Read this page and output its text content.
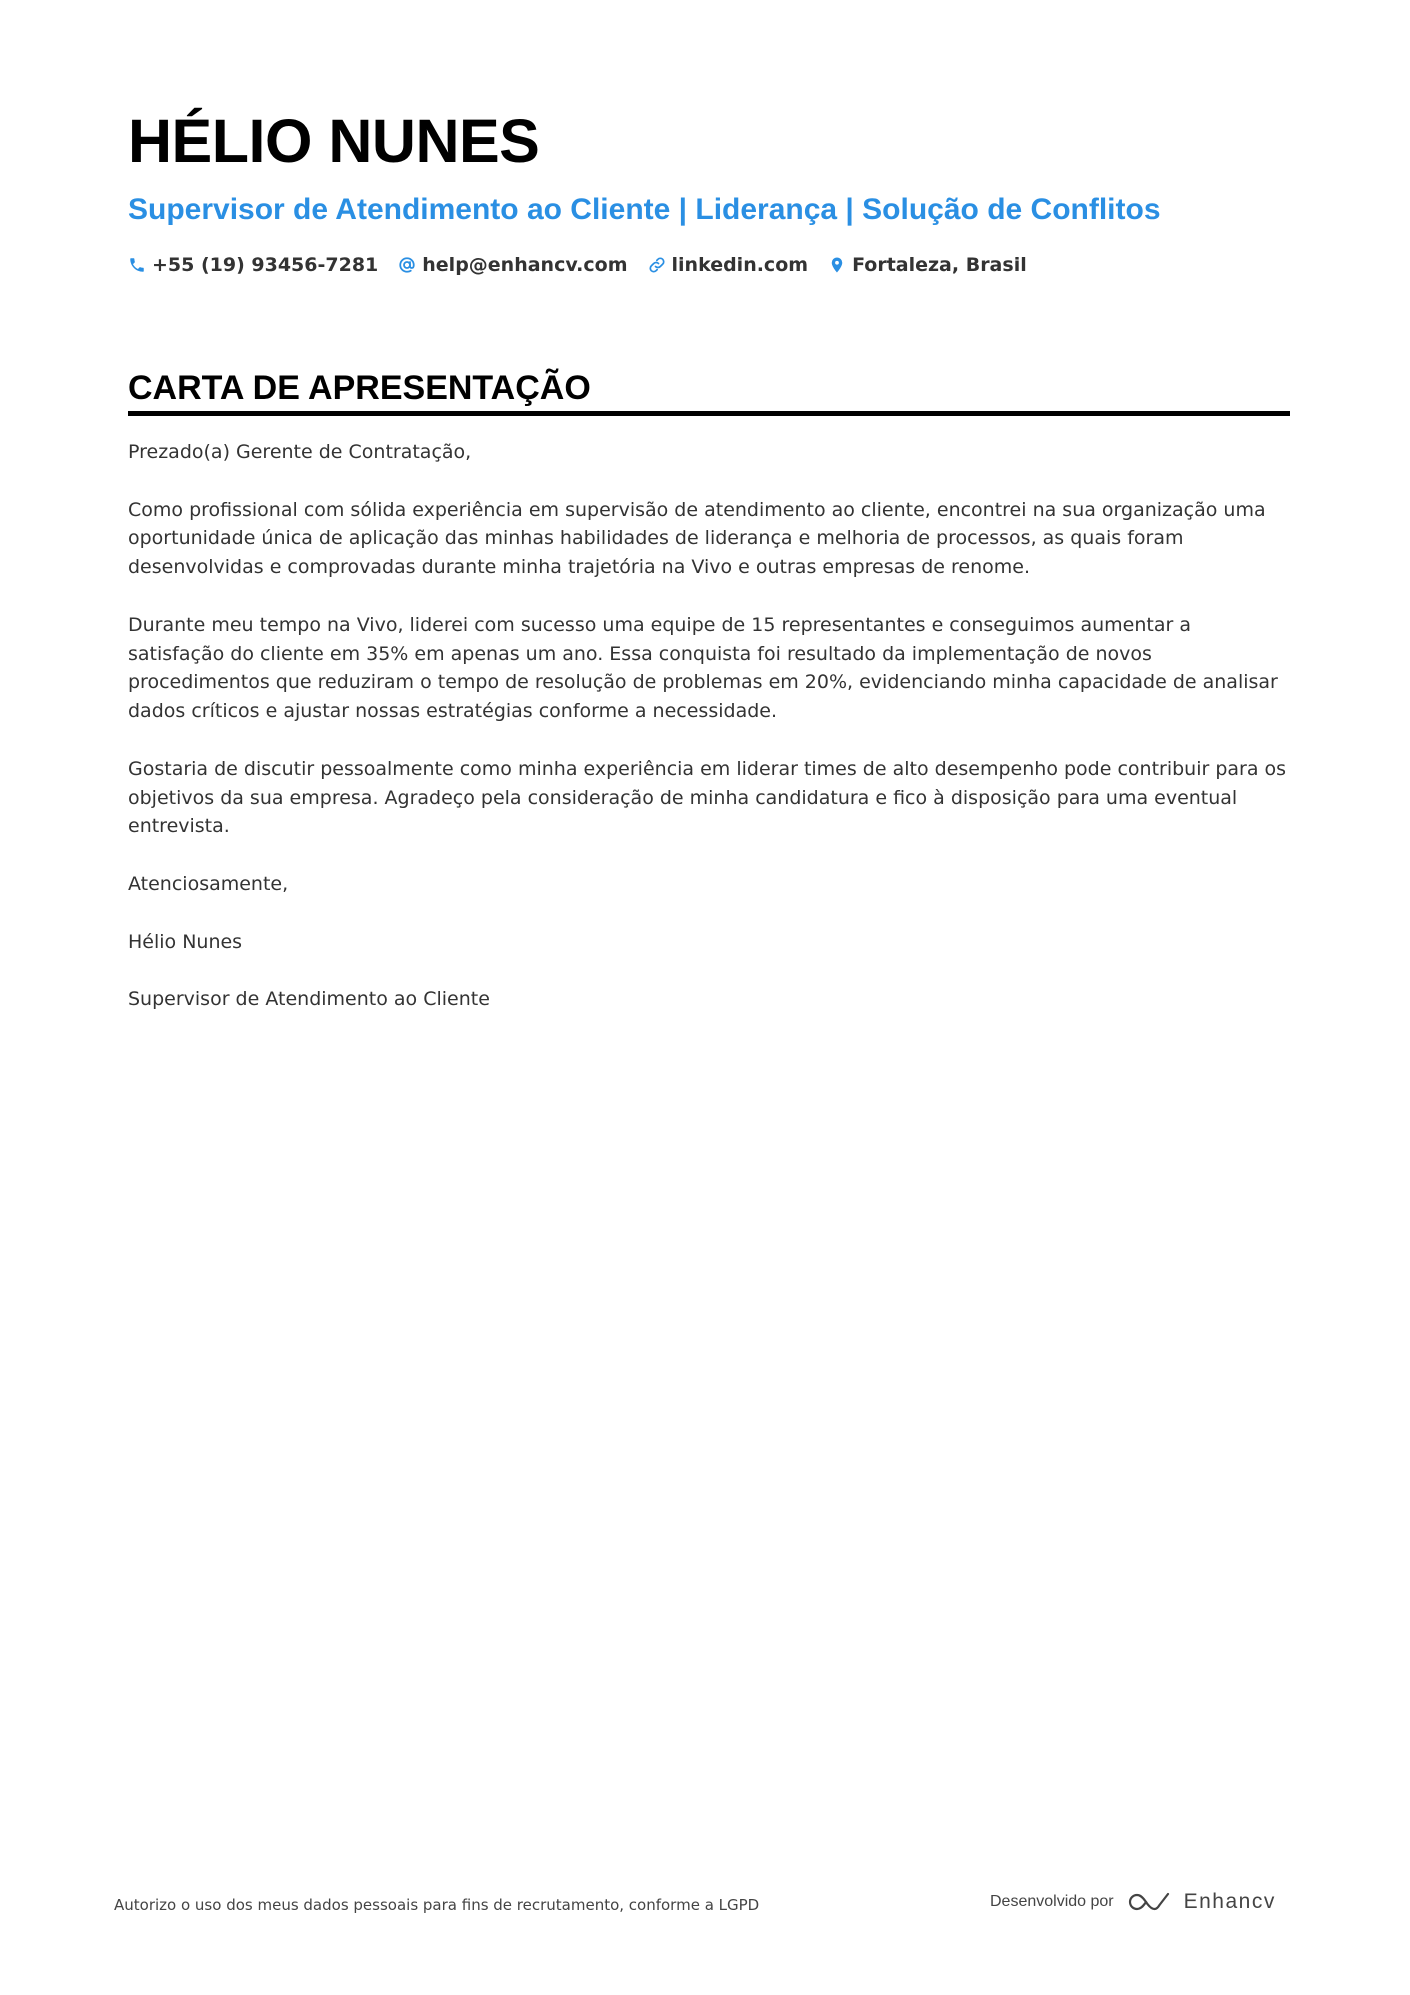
HÉLIO NUNES
Supervisor de Atendimento ao Cliente | Liderança | Solução de Conflitos
+55 (19) 93456-7281 help@enhancv.com linkedin.com Fortaleza, Brasil
CARTA DE APRESENTAÇÃO

Prezado(a) Gerente de Contratação,

Como profissional com sólida experiência em supervisão de atendimento ao cliente, encontrei na sua organização uma oportunidade única de aplicação das minhas habilidades de liderança e melhoria de processos, as quais foram desenvolvidas e comprovadas durante minha trajetória na Vivo e outras empresas de renome.

Durante meu tempo na Vivo, liderei com sucesso uma equipe de 15 representantes e conseguimos aumentar a satisfação do cliente em 35% em apenas um ano. Essa conquista foi resultado da implementação de novos procedimentos que reduziram o tempo de resolução de problemas em 20%, evidenciando minha capacidade de analisar dados críticos e ajustar nossas estratégias conforme a necessidade.

Gostaria de discutir pessoalmente como minha experiência em liderar times de alto desempenho pode contribuir para os objetivos da sua empresa. Agradeço pela consideração de minha candidatura e fico à disposição para uma eventual entrevista.

Atenciosamente,

Hélio Nunes

Supervisor de Atendimento ao Cliente

Autorizo o uso dos meus dados pessoais para fins de recrutamento, conforme a LGPD	Desenvolvido por	Enhancv
